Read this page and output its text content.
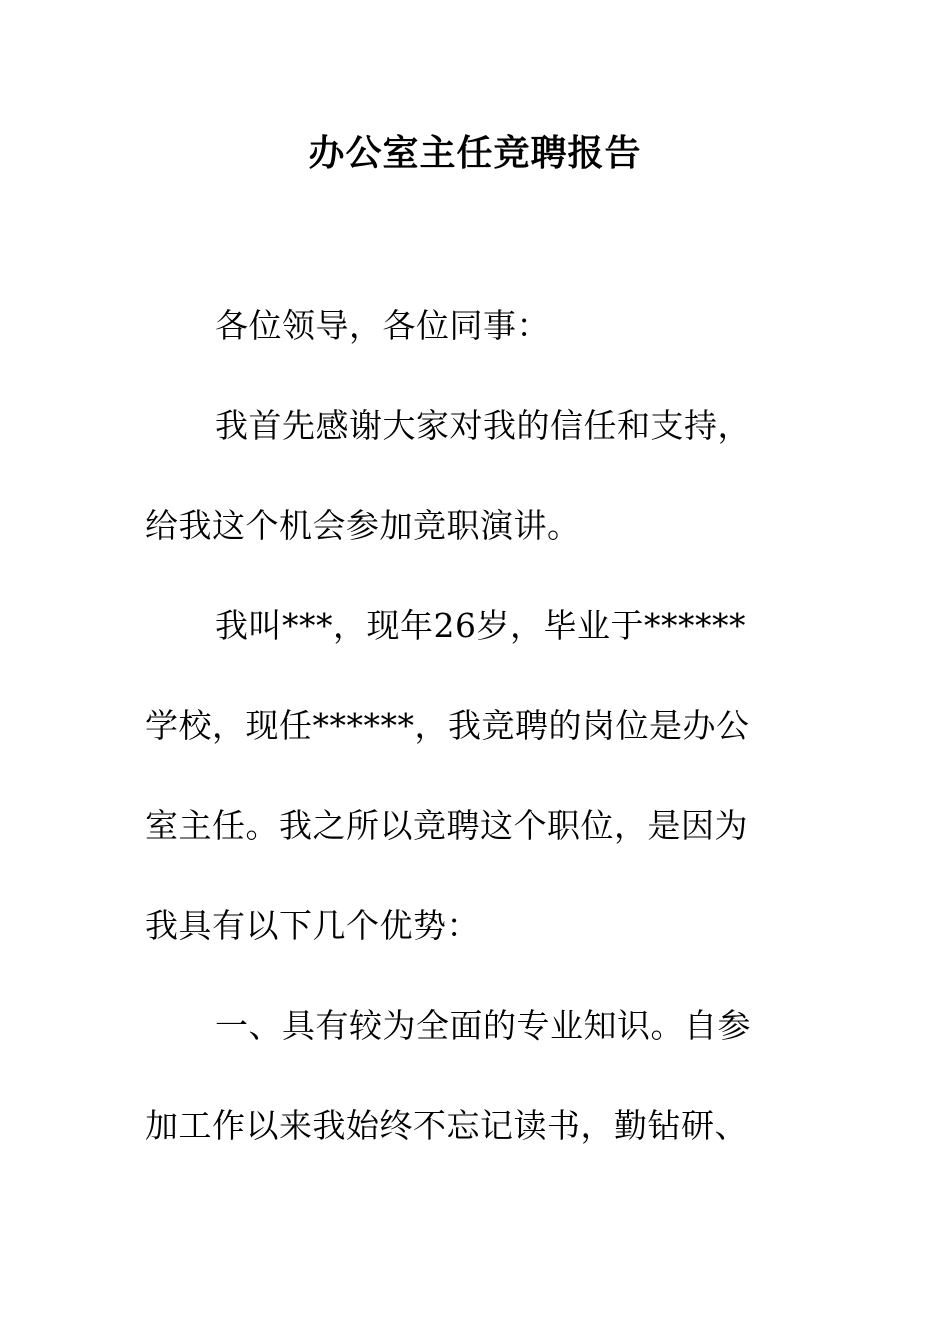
办公室主任竞聘报告
各位领导，各位同事：
我首先感谢大家对我的信任和支持，
给我这个机会参加竞职演讲。
我叫***，现年26岁，毕业于******
学校，现任******，我竞聘的岗位是办公
室主任。我之所以竞聘这个职位，是因为
我具有以下几个优势：
一、具有较为全面的专业知识。自参
加工作以来我始终不忘记读书，勤钻研、
